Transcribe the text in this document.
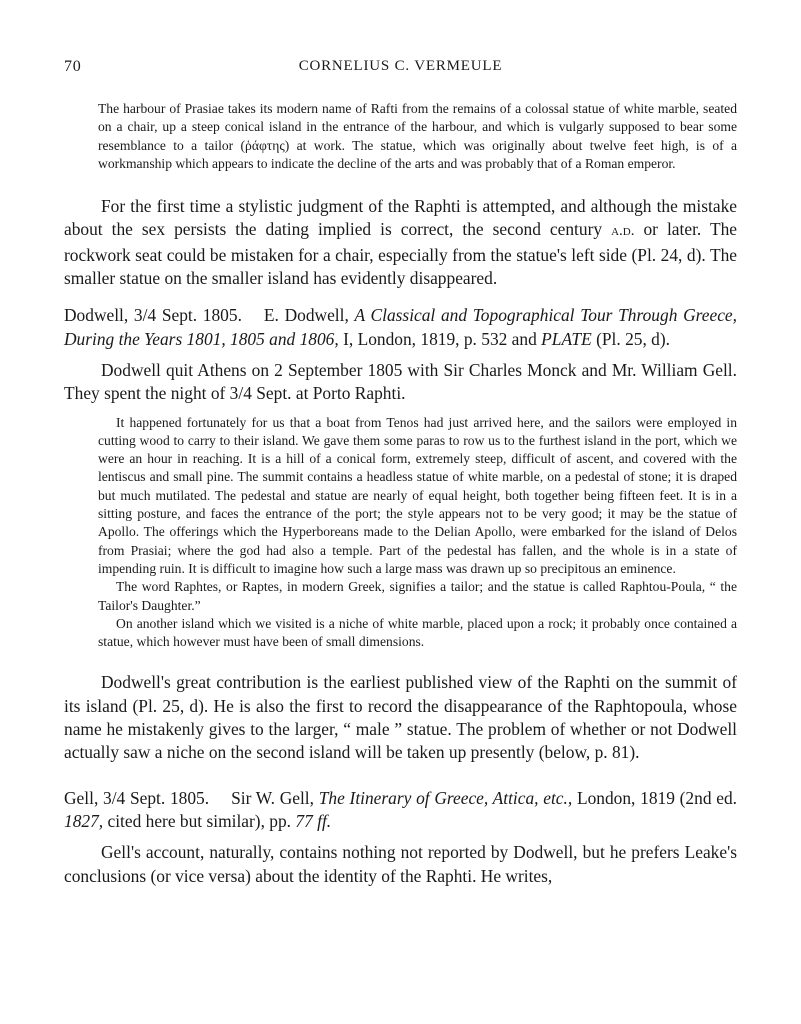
70	CORNELIUS C. VERMEULE

The harbour of Prasiae takes its modern name of Rafti from the remains of a colossal statue of white marble, seated on a chair, up a steep conical island in the entrance of the harbour, and which is vulgarly supposed to bear some resemblance to a tailor (ῥάφτης) at work. The statue, which was originally about twelve feet high, is of a workmanship which appears to indicate the decline of the arts and was probably that of a Roman emperor.

For the first time a stylistic judgment of the Raphti is attempted, and although the mistake about the sex persists the dating implied is correct, the second century a.d. or later. The rockwork seat could be mistaken for a chair, especially from the statue's left side (Pl. 24, d). The smaller statue on the smaller island has evidently disappeared.

Dodwell, 3/4 Sept. 1805. E. Dodwell, A Classical and Topographical Tour Through Greece, During the Years 1801, 1805 and 1806, I, London, 1819, p. 532 and PLATE (Pl. 25, d).

Dodwell quit Athens on 2 September 1805 with Sir Charles Monck and Mr. William Gell. They spent the night of 3/4 Sept. at Porto Raphti.

It happened fortunately for us that a boat from Tenos had just arrived here, and the sailors were employed in cutting wood to carry to their island. We gave them some paras to row us to the furthest island in the port, which we were an hour in reaching. It is a hill of a conical form, extremely steep, difficult of ascent, and covered with the lentiscus and small pine. The summit contains a headless statue of white marble, on a pedestal of stone; it is draped but much mutilated. The pedestal and statue are nearly of equal height, both together being fifteen feet. It is in a sitting posture, and faces the entrance of the port; the style appears not to be very good; it may be the statue of Apollo. The offerings which the Hyperboreans made to the Delian Apollo, were embarked for the island of Delos from Prasiai; where the god had also a temple. Part of the pedestal has fallen, and the whole is in a state of impending ruin. It is difficult to imagine how such a large mass was drawn up so precipitous an eminence.

The word Raphtes, or Raptes, in modern Greek, signifies a tailor; and the statue is called Raphtou-Poula, “ the Tailor's Daughter.”

On another island which we visited is a niche of white marble, placed upon a rock; it probably once contained a statue, which however must have been of small dimensions.

Dodwell's great contribution is the earliest published view of the Raphti on the summit of its island (Pl. 25, d). He is also the first to record the disappearance of the Raphtopoula, whose name he mistakenly gives to the larger, “ male ” statue. The problem of whether or not Dodwell actually saw a niche on the second island will be taken up presently (below, p. 81).

Gell, 3/4 Sept. 1805. Sir W. Gell, The Itinerary of Greece, Attica, etc., London, 1819 (2nd ed. 1827, cited here but similar), pp. 77 ff.

Gell's account, naturally, contains nothing not reported by Dodwell, but he prefers Leake's conclusions (or vice versa) about the identity of the Raphti. He writes,
